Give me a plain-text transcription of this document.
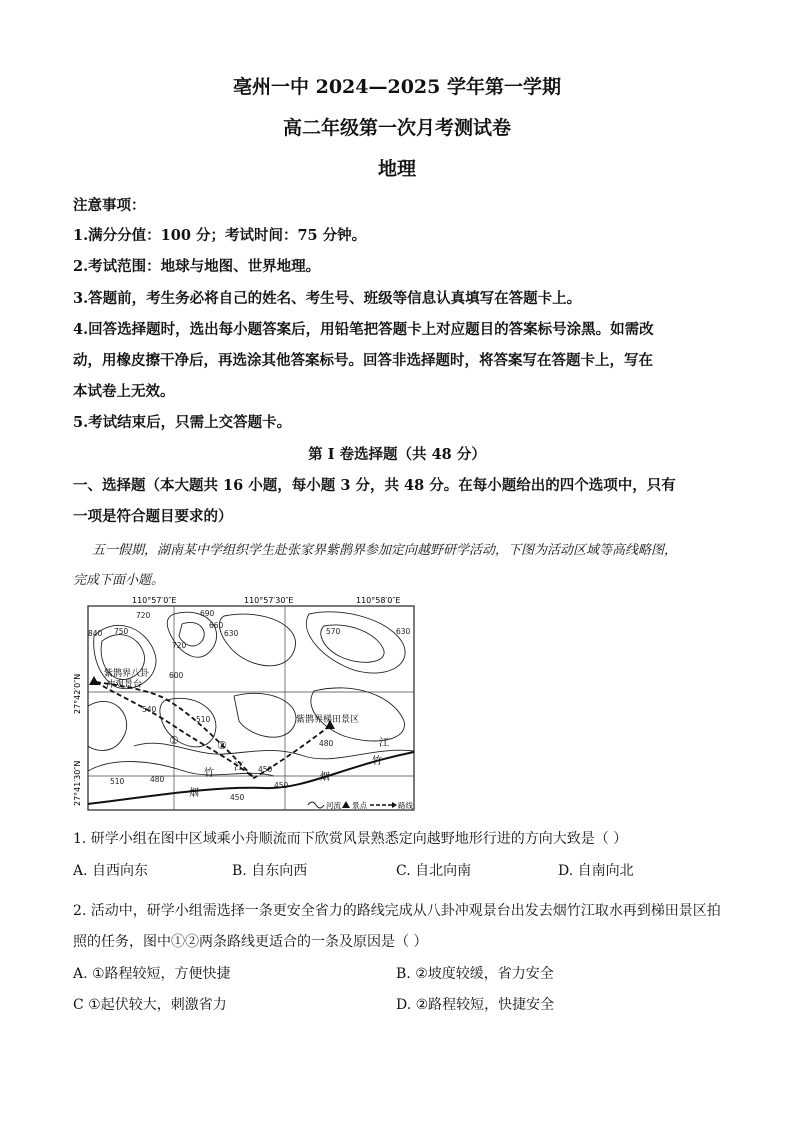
亳州一中 2024—2025 学年第一学期
高二年级第一次月考测试卷
地理
注意事项：
1.满分分值：100 分；考试时间：75 分钟。
2.考试范围：地球与地图、世界地理。
3.答题前，考生务必将自己的姓名、考生号、班级等信息认真填写在答题卡上。
4.回答选择题时，选出每小题答案后，用铅笔把答题卡上对应题目的答案标号涂黑。如需改
动，用橡皮擦干净后，再选涂其他答案标号。回答非选择题时，将答案写在答题卡上，写在
本试卷上无效。
5.考试结束后，只需上交答题卡。
第 I 卷选择题（共 48 分）
一、选择题（本大题共 16 小题，每小题 3 分，共 48 分。在每小题给出的四个选项中，只有
一项是符合题目要求的）
五一假期，湖南某中学组织学生赴张家界紫鹊界参加定向越野研学活动，下图为活动区域等高线略图，
完成下面小题。
110°57′0″E	110°57′30″E	110°58′0″E
27°42′0″N
27°41′30″N
紫鹊界八卦
冲观景台
紫鹊界梯田景区
①	②
竹
江
烟
竹
烟
江
840 750
720	690
660
630
720
600
540
510
570	630
510	480
450
450
480
450
河流 景点	路线
1. 研学小组在图中区域乘小舟顺流而下欣赏风景熟悉定向越野地形行进的方向大致是（ ）
A. 自西向东	B. 自东向西	C. 自北向南	D. 自南向北
2. 活动中，研学小组需选择一条更安全省力的路线完成从八卦冲观景台出发去烟竹江取水再到梯田景区拍
照的任务，图中①②两条路线更适合的一条及原因是（ ）
A. ①路程较短，方便快捷	B. ②坡度较缓，省力安全
C ①起伏较大，刺激省力	D. ②路程较短，快捷安全
